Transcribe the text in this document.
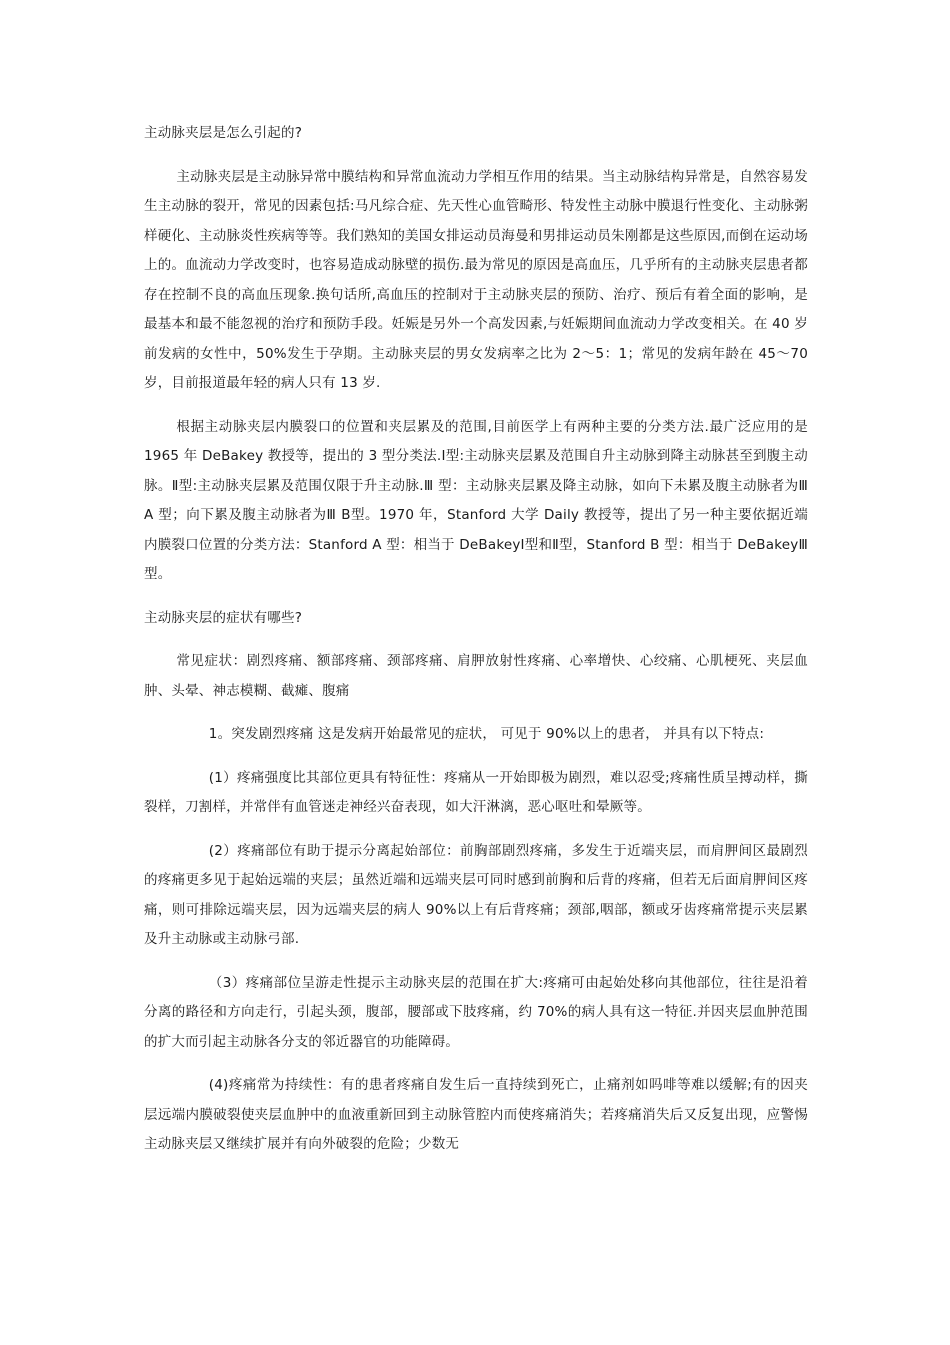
主动脉夹层是怎么引起的?

主动脉夹层是主动脉异常中膜结构和异常血流动力学相互作用的结果。当主动脉结构异常是，自然容易发生主动脉的裂开，常见的因素包括:马凡综合症、先天性心血管畸形、特发性主动脉中膜退行性变化、主动脉粥样硬化、主动脉炎性疾病等等。我们熟知的美国女排运动员海曼和男排运动员朱刚都是这些原因,而倒在运动场上的。血流动力学改变时，也容易造成动脉壁的损伤.最为常见的原因是高血压，几乎所有的主动脉夹层患者都存在控制不良的高血压现象.换句话所,高血压的控制对于主动脉夹层的预防、治疗、预后有着全面的影响，是最基本和最不能忽视的治疗和预防手段。妊娠是另外一个高发因素,与妊娠期间血流动力学改变相关。在 40 岁前发病的女性中，50%发生于孕期。主动脉夹层的男女发病率之比为 2～5：1；常见的发病年龄在 45～70 岁，目前报道最年轻的病人只有 13 岁.

根据主动脉夹层内膜裂口的位置和夹层累及的范围,目前医学上有两种主要的分类方法.最广泛应用的是 1965 年 DeBakey 教授等，提出的 3 型分类法.Ⅰ型:主动脉夹层累及范围自升主动脉到降主动脉甚至到腹主动脉。Ⅱ型:主动脉夹层累及范围仅限于升主动脉.Ⅲ 型：主动脉夹层累及降主动脉，如向下未累及腹主动脉者为Ⅲ A 型；向下累及腹主动脉者为Ⅲ B型。1970 年，Stanford 大学 Daily 教授等，提出了另一种主要依据近端内膜裂口位置的分类方法：Stanford A 型：相当于 DeBakeyⅠ型和Ⅱ型，Stanford B 型：相当于 DeBakeyⅢ型。

主动脉夹层的症状有哪些?

常见症状：剧烈疼痛、额部疼痛、颈部疼痛、肩胛放射性疼痛、心率增快、心绞痛、心肌梗死、夹层血肿、头晕、神志模糊、截瘫、腹痛

1。突发剧烈疼痛 这是发病开始最常见的症状， 可见于 90%以上的患者， 并具有以下特点:

(1）疼痛强度比其部位更具有特征性：疼痛从一开始即极为剧烈，难以忍受;疼痛性质呈搏动样，撕裂样，刀割样，并常伴有血管迷走神经兴奋表现，如大汗淋漓，恶心呕吐和晕厥等。

(2）疼痛部位有助于提示分离起始部位：前胸部剧烈疼痛，多发生于近端夹层，而肩胛间区最剧烈的疼痛更多见于起始远端的夹层；虽然近端和远端夹层可同时感到前胸和后背的疼痛，但若无后面肩胛间区疼痛，则可排除远端夹层，因为远端夹层的病人 90%以上有后背疼痛；颈部,咽部，额或牙齿疼痛常提示夹层累及升主动脉或主动脉弓部.

（3）疼痛部位呈游走性提示主动脉夹层的范围在扩大:疼痛可由起始处移向其他部位，往往是沿着分离的路径和方向走行，引起头颈，腹部，腰部或下肢疼痛，约 70%的病人具有这一特征.并因夹层血肿范围的扩大而引起主动脉各分支的邻近器官的功能障碍。

(4)疼痛常为持续性：有的患者疼痛自发生后一直持续到死亡，止痛剂如吗啡等难以缓解;有的因夹层远端内膜破裂使夹层血肿中的血液重新回到主动脉管腔内而使疼痛消失；若疼痛消失后又反复出现，应警惕主动脉夹层又继续扩展并有向外破裂的危险；少数无
